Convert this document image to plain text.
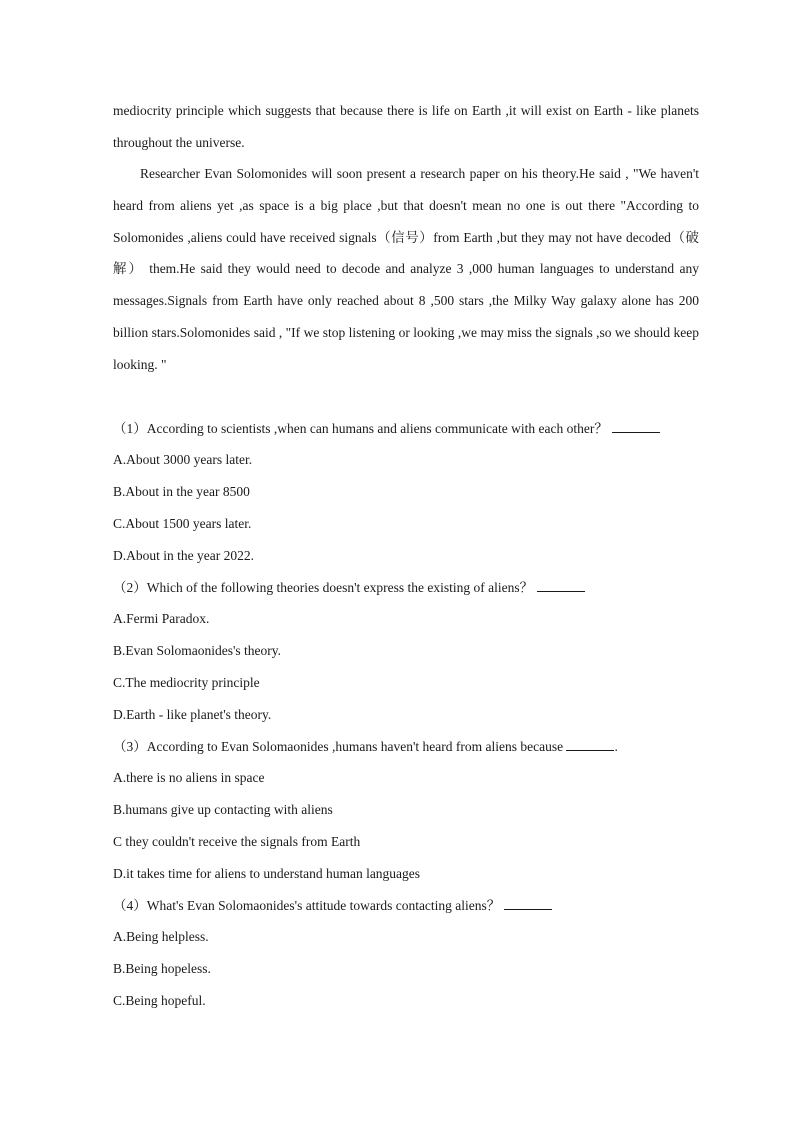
mediocrity principle which suggests that because there is life on Earth ,it will exist on Earth - like planets throughout the universe.

Researcher Evan Solomonides will soon present a research paper on his theory.He said , "We haven't heard from aliens yet ,as space is a big place ,but that doesn't mean no one is out there "According to Solomonides ,aliens could have received signals（信号）from Earth ,but they may not have decoded（破解） them.He said they would need to decode and analyze 3 ,000 human languages to understand any messages.Signals from Earth have only reached about 8 ,500 stars ,the Milky Way galaxy alone has 200 billion stars.Solomonides said , "If we stop listening or looking ,we may miss the signals ,so we should keep looking. "

（1）According to scientists ,when can humans and aliens communicate with each other？
A.About 3000 years later.
B.About in the year 8500
C.About 1500 years later.
D.About in the year 2022.
（2）Which of the following theories doesn't express the existing of aliens？
A.Fermi Paradox.
B.Evan Solomaonides's theory.
C.The mediocrity principle
D.Earth - like planet's theory.
（3）According to Evan Solomaonides ,humans haven't heard from aliens because	.
A.there is no aliens in space
B.humans give up contacting with aliens
C they couldn't receive the signals from Earth
D.it takes time for aliens to understand human languages
（4）What's Evan Solomaonides's attitude towards contacting aliens？
A.Being helpless.
B.Being hopeless.
C.Being hopeful.
